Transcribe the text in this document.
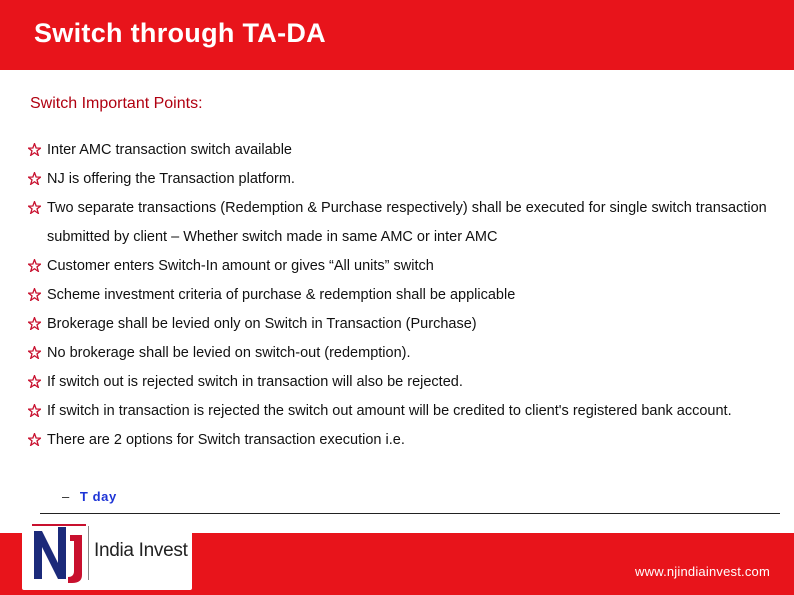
Switch through TA-DA

Switch Important Points:

Inter AMC transaction switch available
NJ is offering the Transaction platform.
Two separate transactions (Redemption & Purchase respectively) shall be executed for single switch transaction submitted by client – Whether switch made in same AMC or inter AMC
Customer enters Switch-In amount or gives “All units” switch
Scheme investment criteria of purchase & redemption shall be applicable
Brokerage shall be levied only on Switch in Transaction (Purchase)
No brokerage shall be levied on switch-out (redemption).
If switch out is rejected switch in transaction will also be rejected.
If switch in transaction is rejected the switch out amount will be credited to client's registered bank account.
There are 2 options for Switch transaction execution i.e.
– T day
India Invest
www.njindiainvest.com
